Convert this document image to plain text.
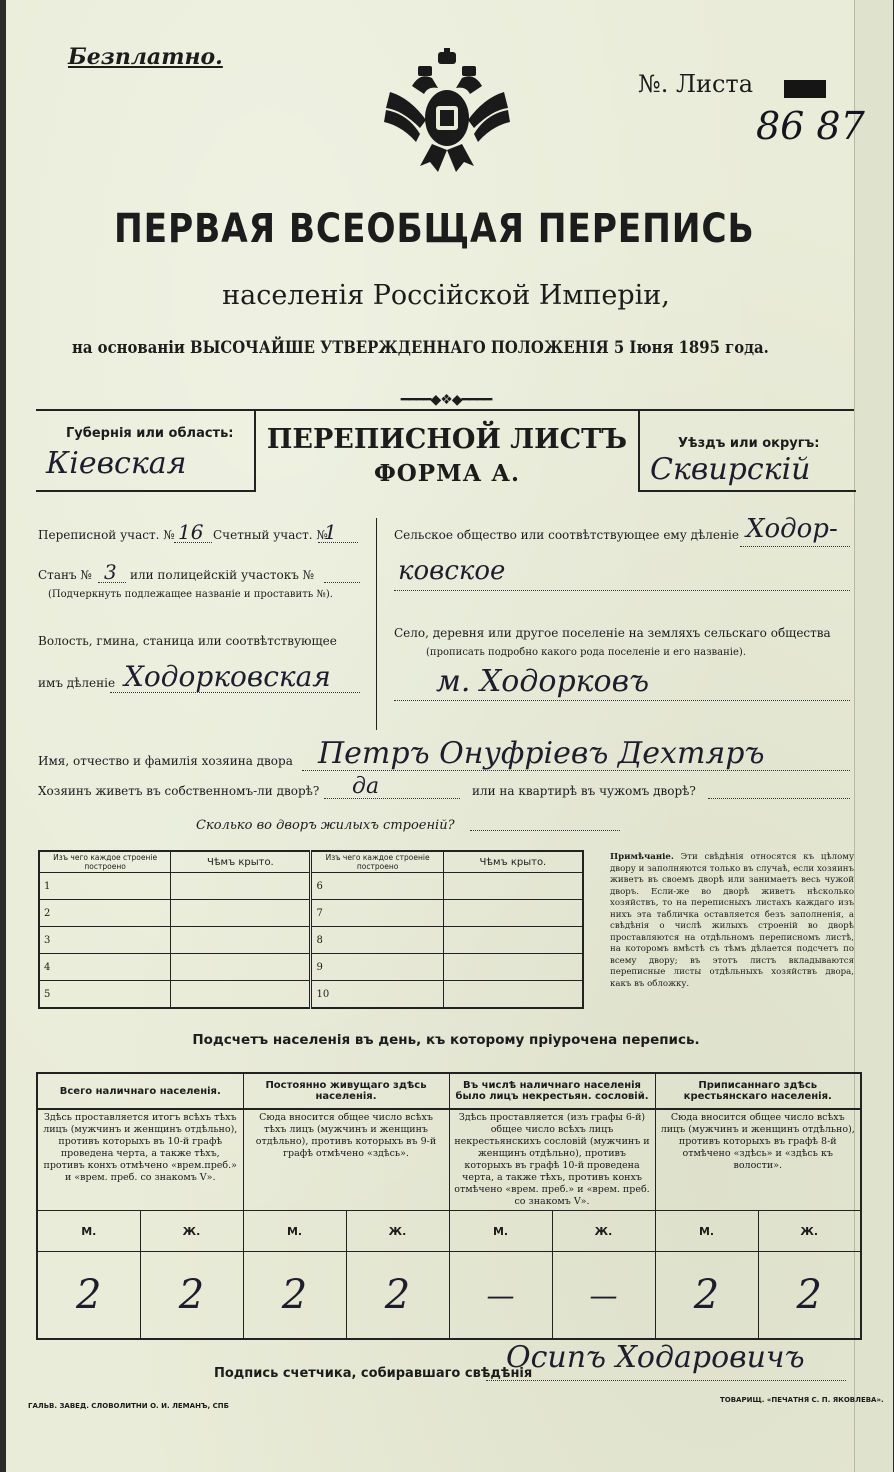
Безплатно.
№. Листа
86 87
ПЕРВАЯ ВСЕОБЩАЯ ПЕРЕПИСЬ
населенія Россійской Имперіи,
на основаніи ВЫСОЧАЙШЕ УТВЕРЖДЕННАГО ПОЛОЖЕНІЯ 5 Іюня 1895 года.
━━━━◆❖◆━━━━
Губернія или область:
Кіевская
ПЕРЕПИСНОЙ ЛИСТЪ
ФОРМА А.
Уѣздъ или округъ:
Сквирскій
Переписной участ. № 16 Счетный участ. №
1
Станъ № 3 или полицейскій участокъ №
(Подчеркнуть подлежащее названіе и проставить №).
Волость, гмина, станица или соотвѣтствующее
имъ дѣленіе Ходорковская
Сельское общество или соотвѣтствующее ему дѣленіе Ходор-
ковское
Село, деревня или другое поселеніе на земляхъ сельскаго общества
(прописать подробно какого рода поселеніе и его названіе).
м. Ходорковъ
Имя, отчество и фамилія хозяина двора Петръ Онуфріевъ Дехтяръ
Хозяинъ живетъ въ собственномъ-ли дворѣ? да	или на квартирѣ въ чужомъ дворѣ?
Сколько во дворъ жилыхъ строеній?
Изъ чего каждое строеніе построено	Чѣмъ крыто.	Изъ чего каждое строеніе построено	Чѣмъ крыто.
1		6	
2		7	
3		8	
4		9	
5		10	
Примѣчаніе. Эти свѣдѣнія относятся къ цѣлому двору и заполняются только въ случаѣ, если хозяинъ живетъ въ своемъ дворѣ или занимаетъ весь чужой дворъ. Если-же во дворѣ живетъ нѣсколько хозяйствъ, то на переписныхъ листахъ каждаго изъ нихъ эта табличка оставляется безъ заполненія, а свѣдѣнія о числѣ жилыхъ строеній во дворѣ проставляются на отдѣльномъ переписномъ листѣ, на которомъ вмѣстѣ съ тѣмъ дѣлается подсчетъ по всему двору; въ этотъ листъ вкладываются переписные листы отдѣльныхъ хозяйствъ двора, какъ въ обложку.
Подсчетъ населенія въ день, къ которому пріурочена перепись.
Всего наличнаго населенія.		Постоянно живущаго здѣсь населенія.		Въ числѣ наличнаго населенія было лицъ некрестьян. сословій.		Приписаннаго здѣсь крестьянскаго населенія.	
Здѣсь проставляется итогъ всѣхъ тѣхъ лицъ (мужчинъ и женщинъ отдѣльно), противъ которыхъ въ 10-й графѣ проведена черта, а также тѣхъ, противъ конхъ отмѣчено «врем.преб.» и «врем. преб. со знакомъ V».		Сюда вносится общее число всѣхъ тѣхъ лицъ (мужчинъ и женщинъ отдѣльно), противъ которыхъ въ 9-й графѣ отмѣчено «здѣсь».		Здѣсь проставляется (изъ графы 6-й) общее число всѣхъ лицъ некрестьянскихъ сословій (мужчинъ и женщинъ отдѣльно), противъ которыхъ въ графѣ 10-й проведена черта, а также тѣхъ, противъ конхъ отмѣчено «врем. преб.» и «врем. преб. со знакомъ V».		Сюда вносится общее число всѣхъ лицъ (мужчинъ и женщинъ отдѣльно), противъ которыхъ въ графѣ 8-й отмѣчено «здѣсь» и «здѣсь къ волости».	
М.	Ж.	М.	Ж.	М.	Ж.	М.	Ж.
2	2	2	2	—	—	2	2
Подпись счетчика, собиравшаго свѣдѣнія
Осипъ Ходаровичъ
ГАЛЬВ. ЗАВЕД. СЛОВОЛИТНИ О. И. ЛЕМАНЪ, СПБ
ТОВАРИЩ. «ПЕЧАТНЯ С. П. ЯКОВЛЕВА».
